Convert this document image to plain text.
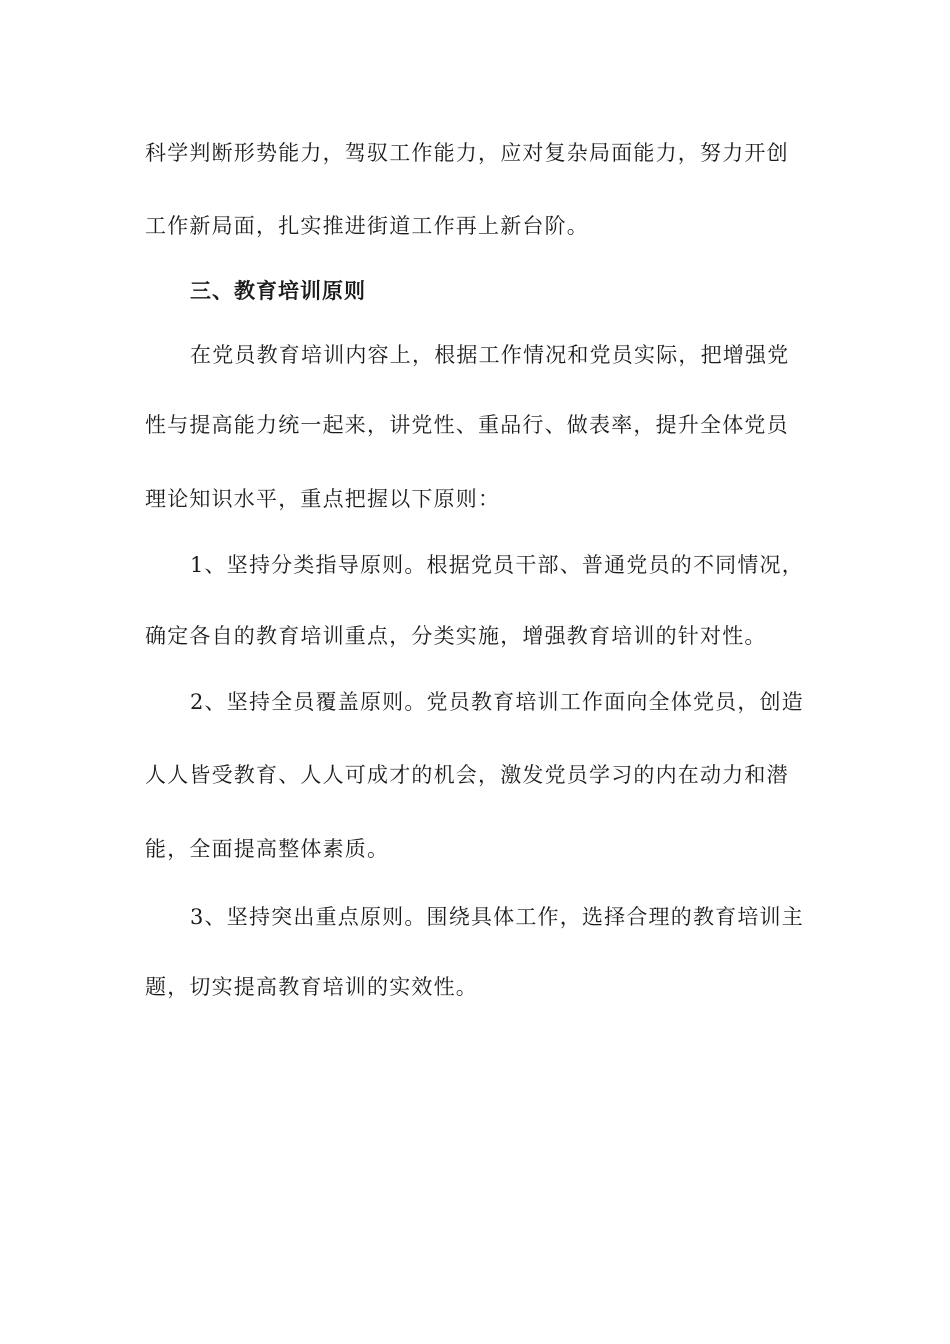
科学判断形势能力，驾驭工作能力，应对复杂局面能力，努力开创
工作新局面，扎实推进街道工作再上新台阶。
三、教育培训原则
在党员教育培训内容上，根据工作情况和党员实际，把增强党
性与提高能力统一起来，讲党性、重品行、做表率，提升全体党员
理论知识水平，重点把握以下原则：
1、坚持分类指导原则。根据党员干部、普通党员的不同情况，
确定各自的教育培训重点，分类实施，增强教育培训的针对性。
2、坚持全员覆盖原则。党员教育培训工作面向全体党员，创造
人人皆受教育、人人可成才的机会，激发党员学习的内在动力和潜
能，全面提高整体素质。
3、坚持突出重点原则。围绕具体工作，选择合理的教育培训主
题，切实提高教育培训的实效性。
